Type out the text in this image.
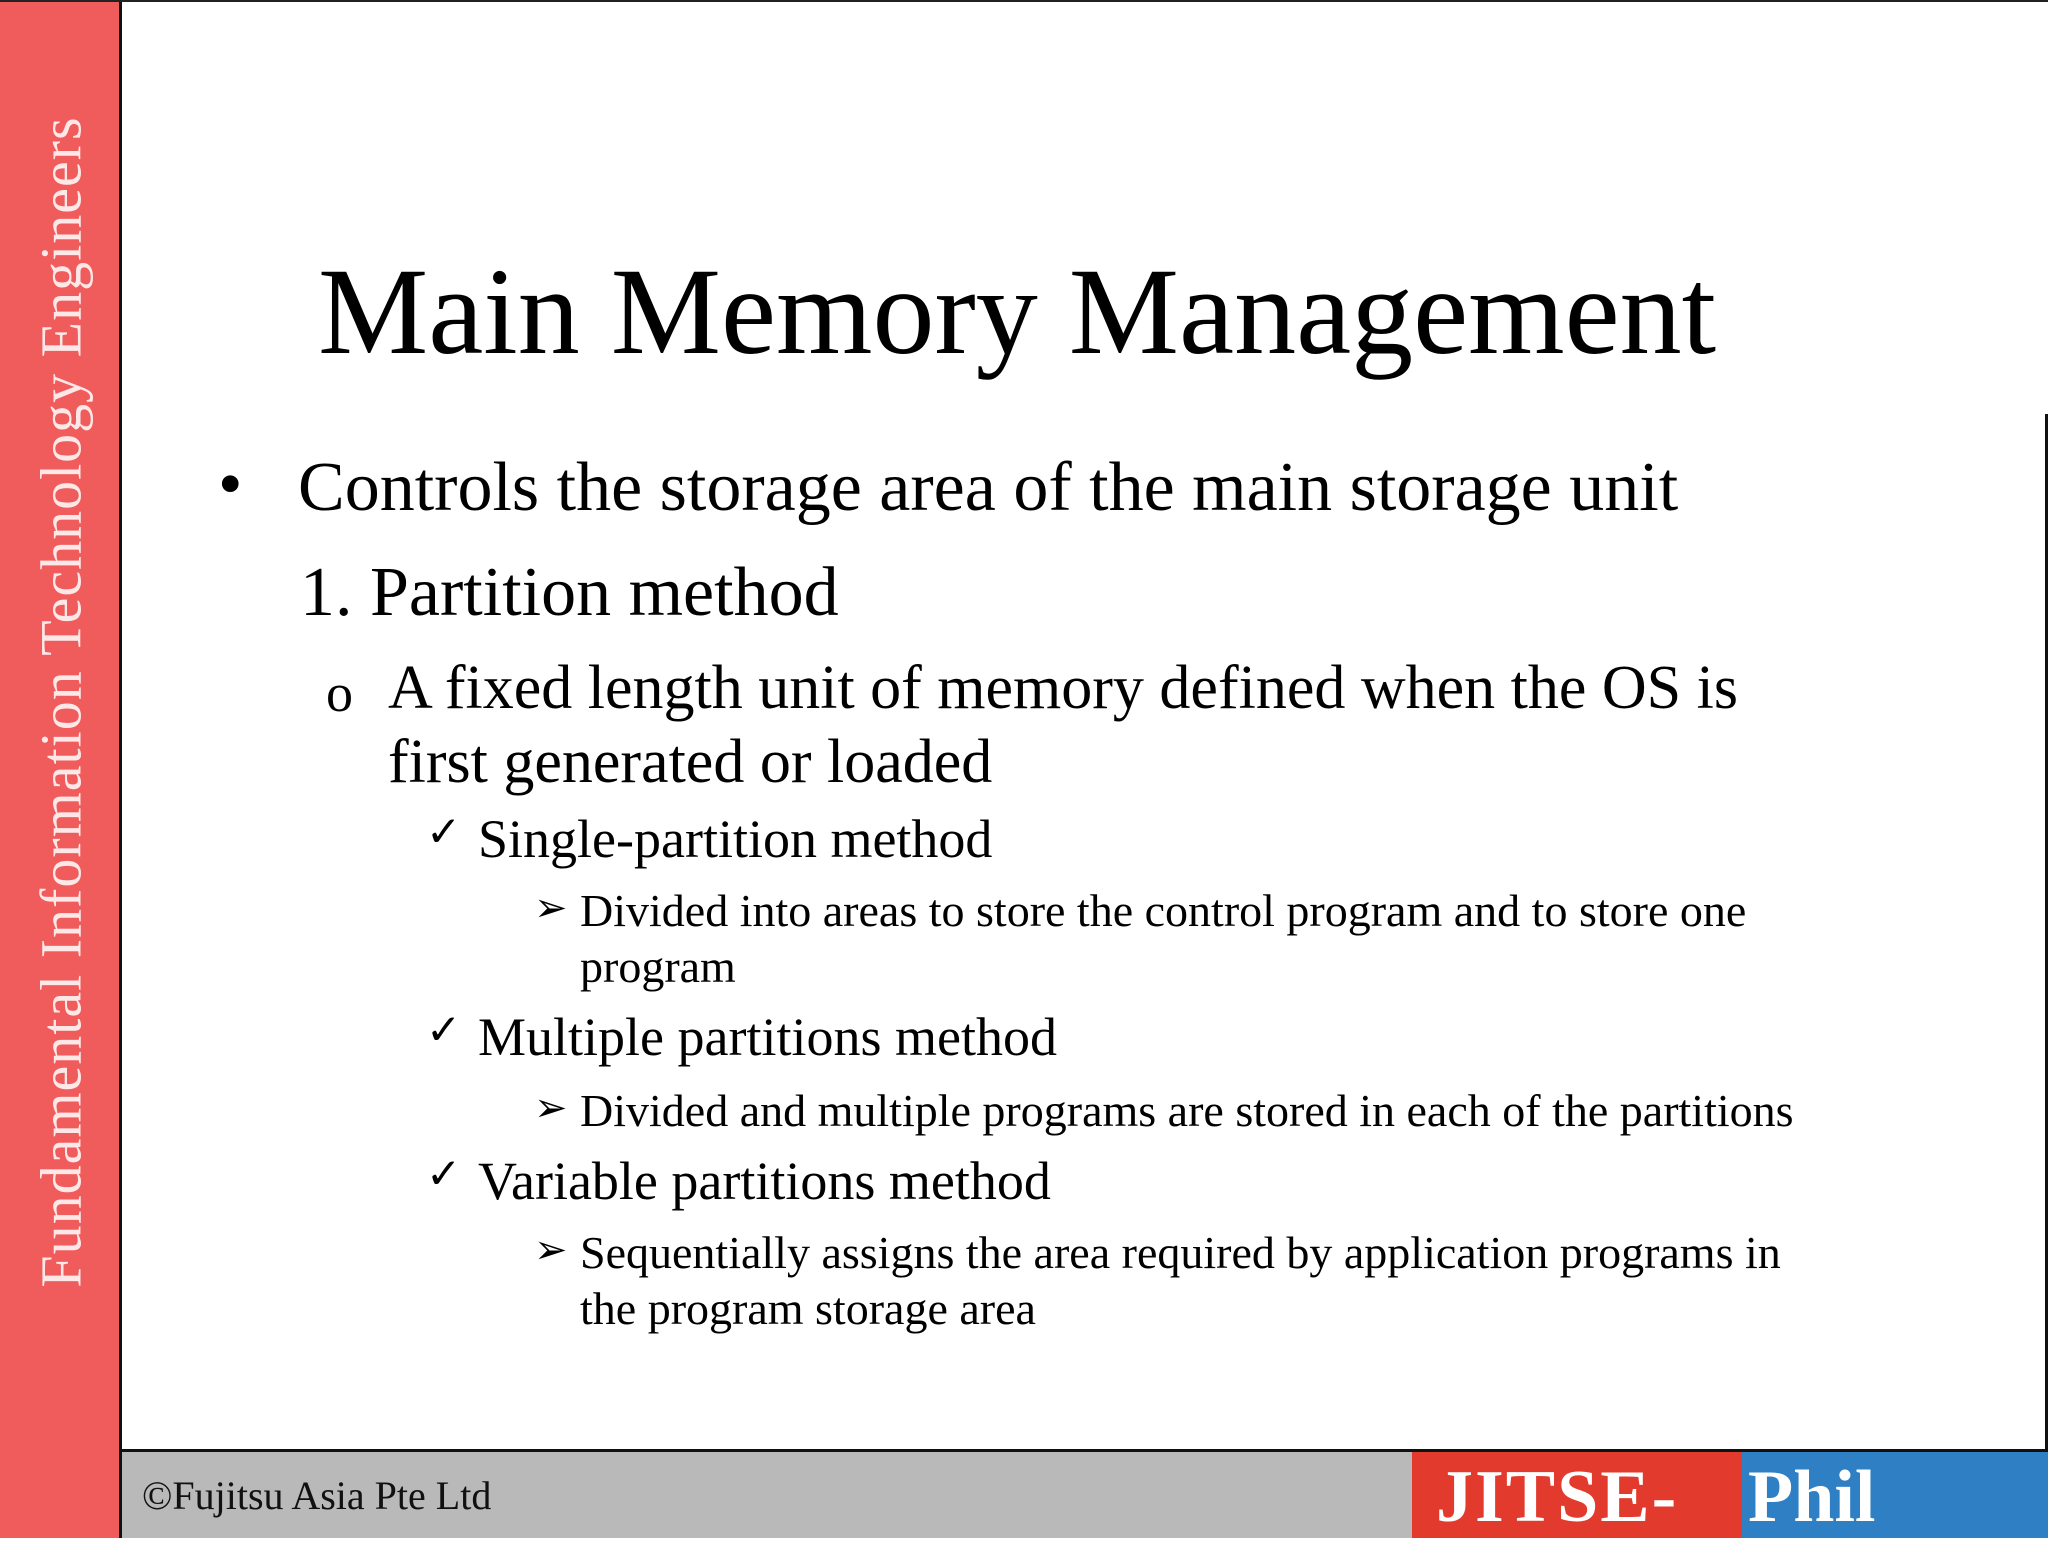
Fundamental Information Technology Engineers Main Memory Management
• Controls the storage area of the main storage unit
1. Partition method
o A fixed length unit of memory defined when the OS is
first generated or loaded
✓ Single-partition method
➢ Divided into areas to store the control program and to store one
program
✓ Multiple partitions method
➢ Divided and multiple programs are stored in each of the partitions
✓ Variable partitions method
➢ Sequentially assigns the area required by application programs in
the program storage area
©Fujitsu Asia Pte Ltd	JITSE- Phil
